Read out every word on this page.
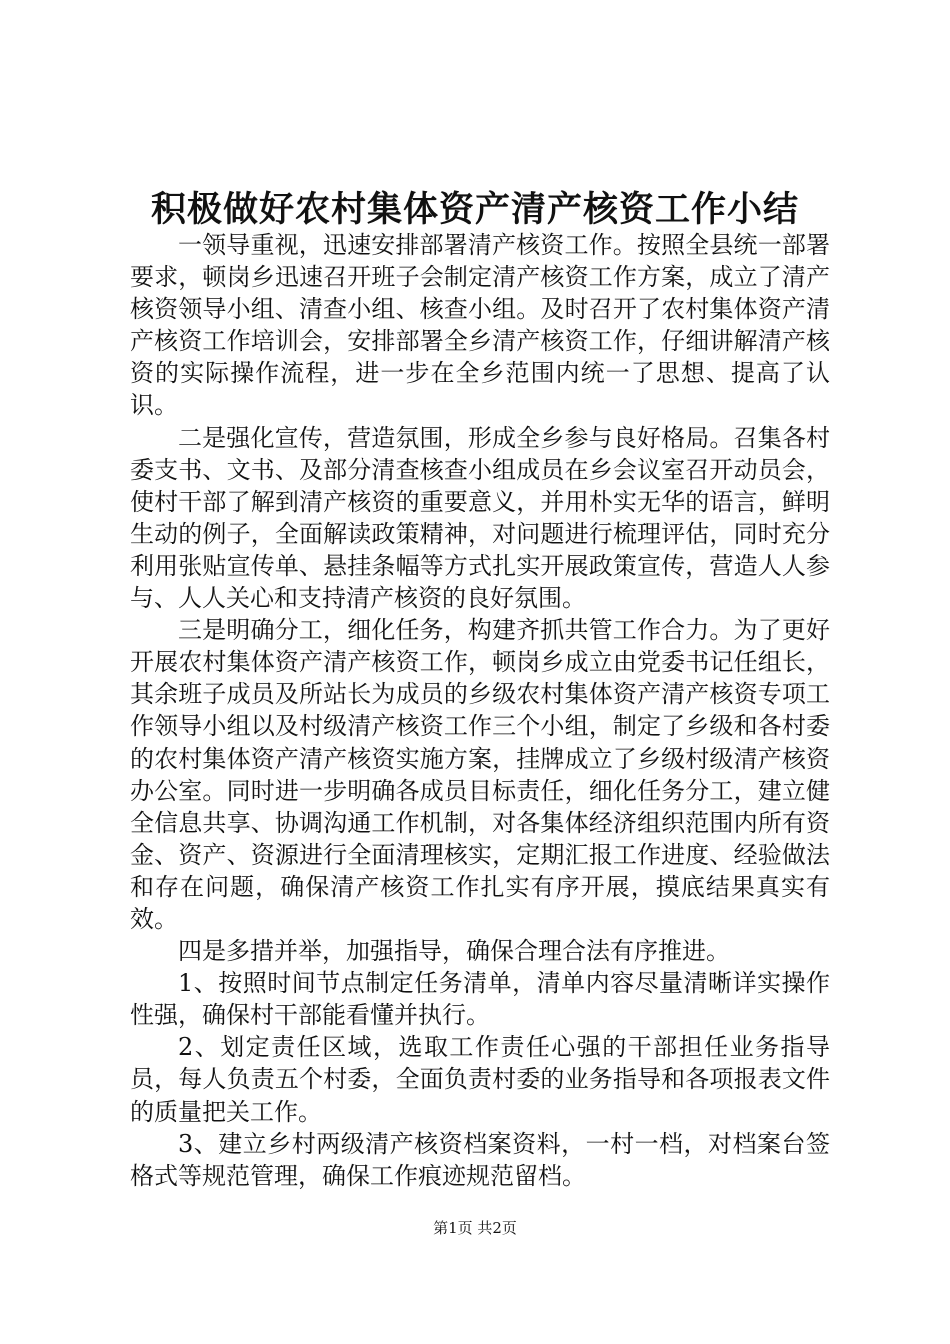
积极做好农村集体资产清产核资工作小结

一领导重视，迅速安排部署清产核资工作。按照全县统一部署要求，顿岗乡迅速召开班子会制定清产核资工作方案，成立了清产核资领导小组、清查小组、核查小组。及时召开了农村集体资产清产核资工作培训会，安排部署全乡清产核资工作，仔细讲解清产核资的实际操作流程，进一步在全乡范围内统一了思想、提高了认识。

二是强化宣传，营造氛围，形成全乡参与良好格局。召集各村委支书、文书、及部分清查核查小组成员在乡会议室召开动员会，使村干部了解到清产核资的重要意义，并用朴实无华的语言，鲜明生动的例子，全面解读政策精神，对问题进行梳理评估，同时充分利用张贴宣传单、悬挂条幅等方式扎实开展政策宣传，营造人人参与、人人关心和支持清产核资的良好氛围。

三是明确分工，细化任务，构建齐抓共管工作合力。为了更好开展农村集体资产清产核资工作，顿岗乡成立由党委书记任组长，其余班子成员及所站长为成员的乡级农村集体资产清产核资专项工作领导小组以及村级清产核资工作三个小组，制定了乡级和各村委的农村集体资产清产核资实施方案，挂牌成立了乡级村级清产核资办公室。同时进一步明确各成员目标责任，细化任务分工，建立健全信息共享、协调沟通工作机制，对各集体经济组织范围内所有资金、资产、资源进行全面清理核实，定期汇报工作进度、经验做法和存在问题，确保清产核资工作扎实有序开展，摸底结果真实有效。

四是多措并举，加强指导，确保合理合法有序推进。

1、按照时间节点制定任务清单，清单内容尽量清晰详实操作性强，确保村干部能看懂并执行。

2、划定责任区域，选取工作责任心强的干部担任业务指导员，每人负责五个村委，全面负责村委的业务指导和各项报表文件的质量把关工作。

3、建立乡村两级清产核资档案资料，一村一档，对档案台签格式等规范管理，确保工作痕迹规范留档。

第1页 共2页
